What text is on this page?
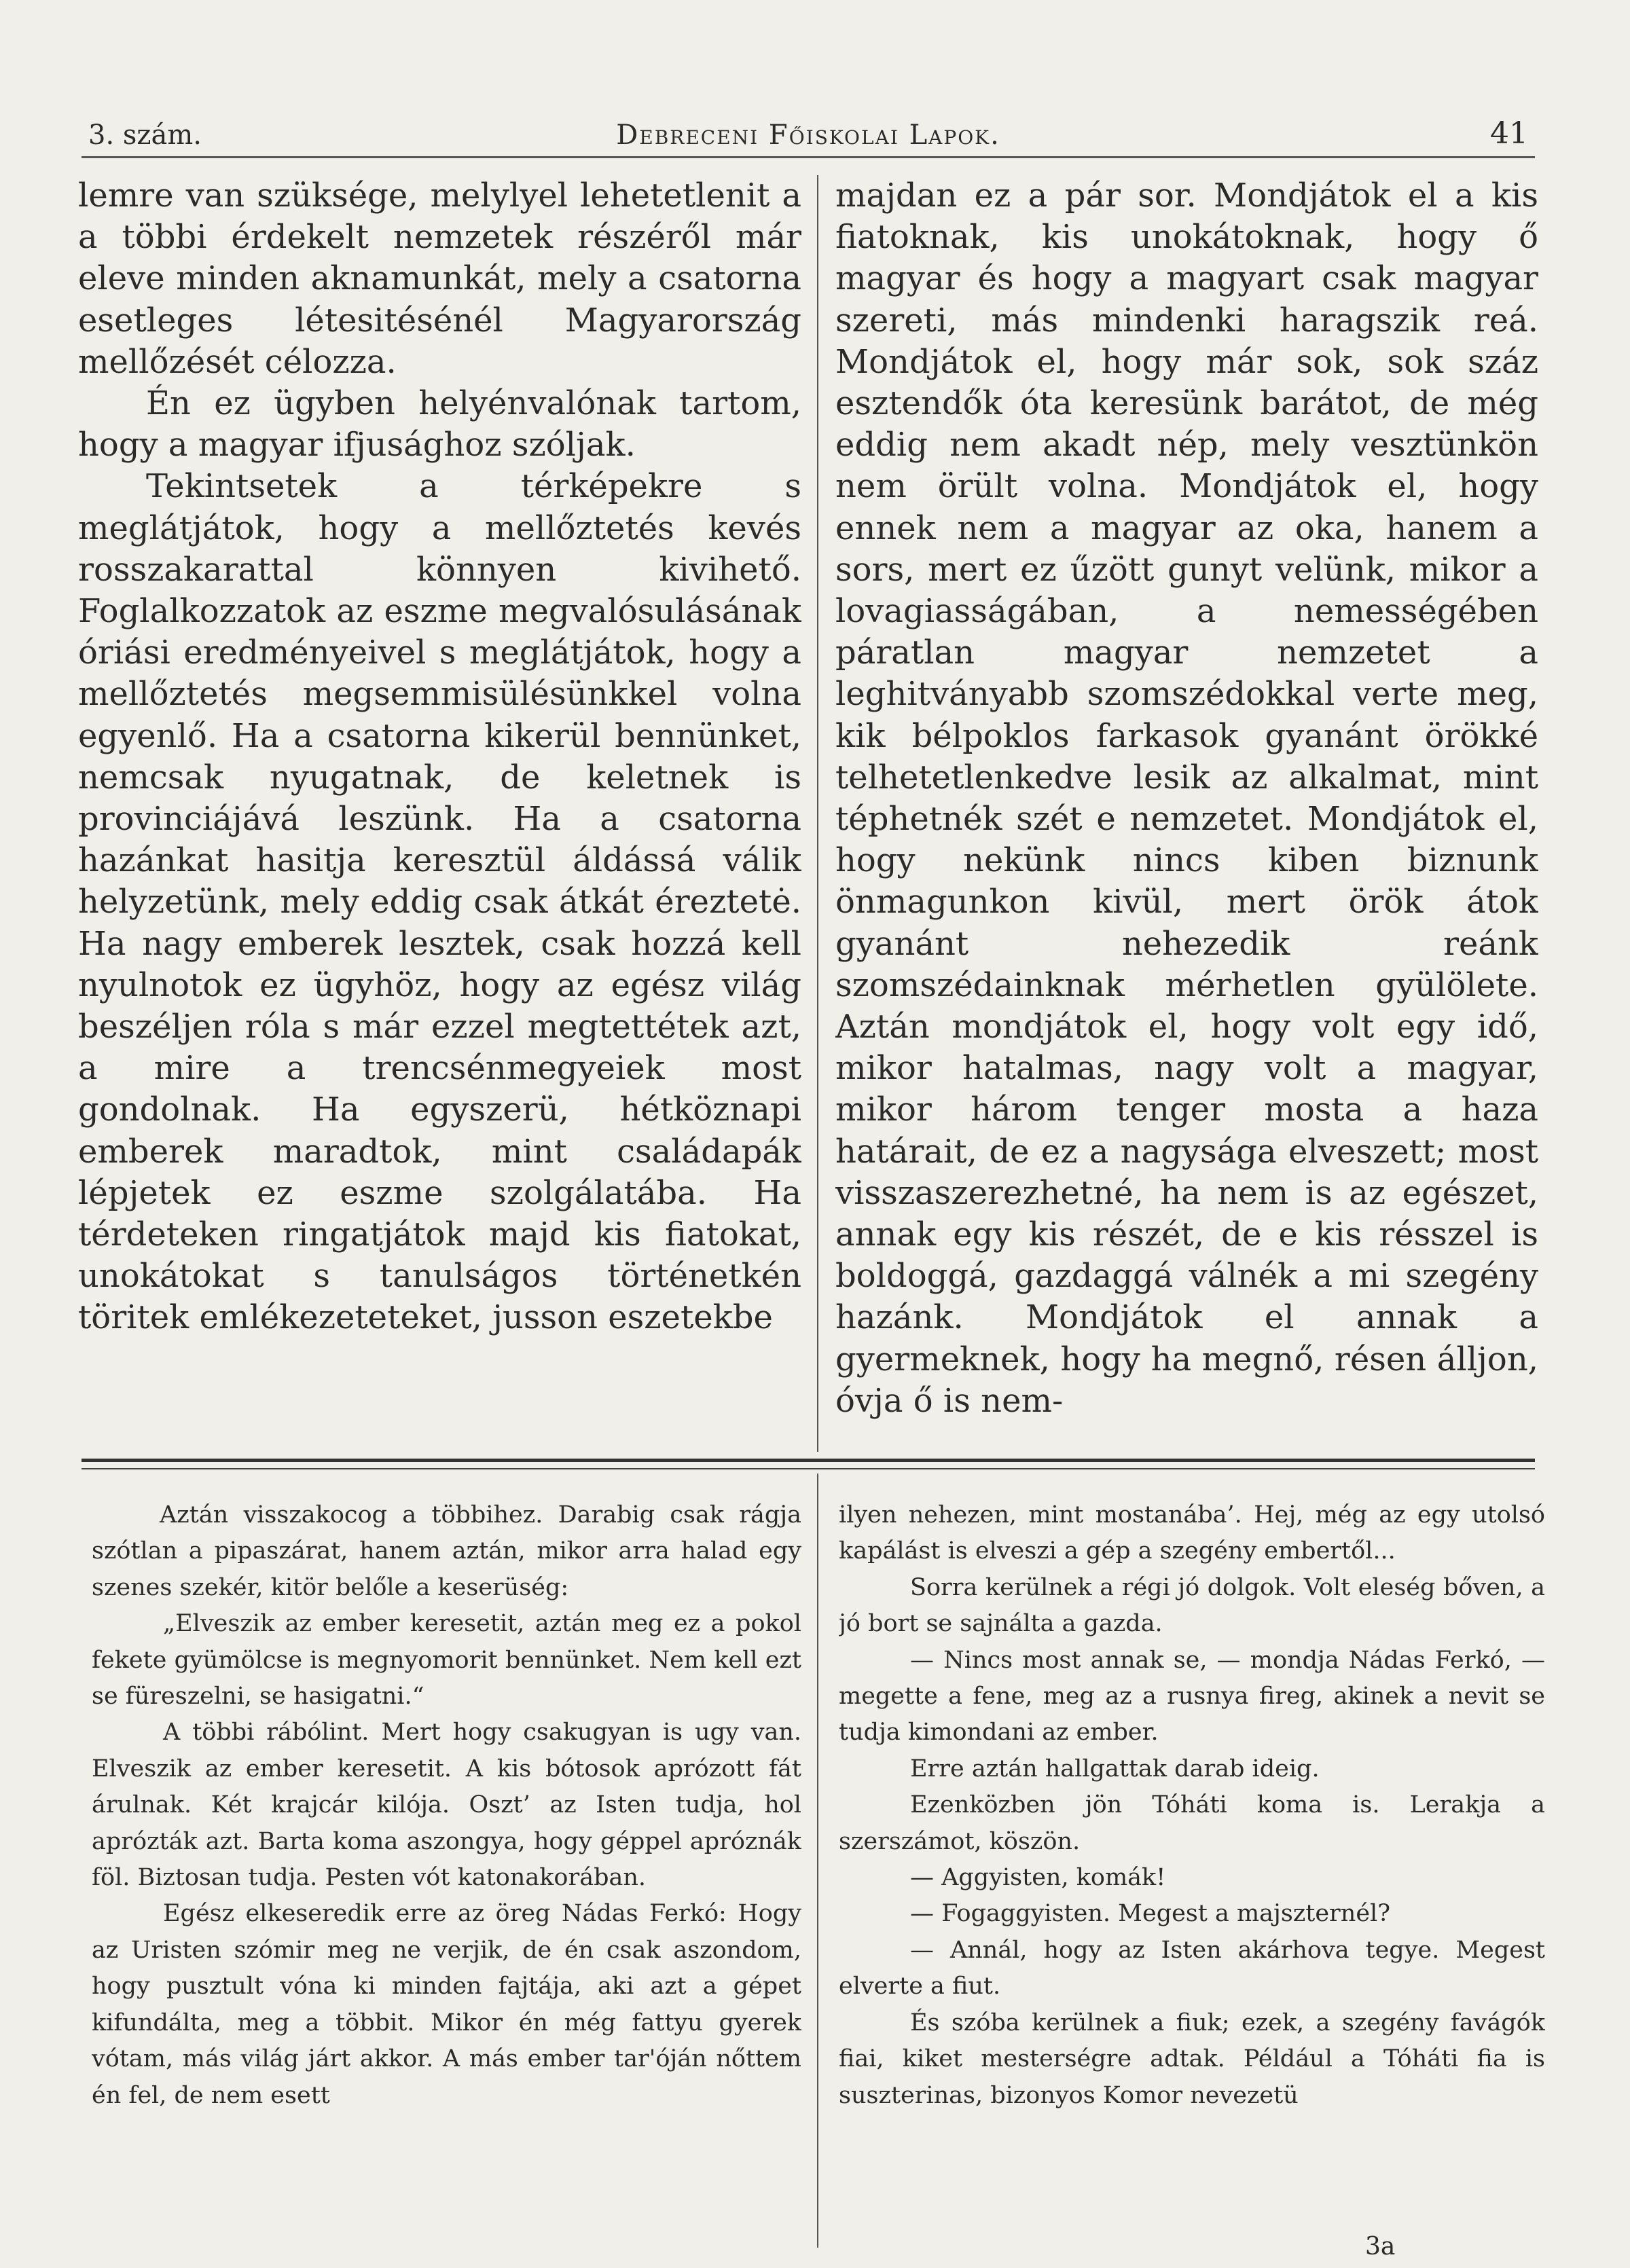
3. szám.	Debreceni Főiskolai Lapok.	41

lemre van szüksége, melylyel lehetetlenit a a többi érdekelt nemzetek részéről már eleve minden aknamunkát, mely a csatorna esetleges létesitésénél Magyarország mellőzését célozza.

Én ez ügyben helyénvalónak tartom, hogy a magyar ifjusághoz szóljak.

Tekintsetek a térképekre s meglátjátok, hogy a mellőztetés kevés rosszakarattal könnyen kivihető. Foglalkozzatok az eszme megvalósulásának óriási eredményeivel s meglátjátok, hogy a mellőztetés megsemmisülésünkkel volna egyenlő. Ha a csatorna kikerül bennünket, nemcsak nyugatnak, de keletnek is provinciájává leszünk. Ha a csatorna hazánkat hasitja keresztül áldássá válik helyzetünk, mely eddig csak átkát éreztetė. Ha nagy emberek lesztek, csak hozzá kell nyulnotok ez ügyhöz, hogy az egész világ beszéljen róla s már ezzel megtettétek azt, a mire a trencsénmegyeiek most gondolnak. Ha egyszerü, hétköznapi emberek maradtok, mint családapák lépjetek ez eszme szolgálatába. Ha térdeteken ringatjátok majd kis fiatokat, unokátokat s tanulságos történetkén töritek emlékezeteteket, jusson eszetekbe

majdan ez a pár sor. Mondjátok el a kis fiatoknak, kis unokátoknak, hogy ő magyar és hogy a magyart csak magyar szereti, más mindenki haragszik reá. Mondjátok el, hogy már sok, sok száz esztendők óta keresünk barátot, de még eddig nem akadt nép, mely vesztünkön nem örült volna. Mondjátok el, hogy ennek nem a magyar az oka, hanem a sors, mert ez űzött gunyt velünk, mikor a lovagiasságában, a nemességében páratlan magyar nemzetet a leghitványabb szomszédokkal verte meg, kik bélpoklos farkasok gyanánt örökké telhetetlenkedve lesik az alkalmat, mint téphetnék szét e nemzetet. Mondjátok el, hogy nekünk nincs kiben biznunk önmagunkon kivül, mert örök átok gyanánt nehezedik reánk szomszédainknak mérhetlen gyülölete. Aztán mondjátok el, hogy volt egy idő, mikor hatalmas, nagy volt a magyar, mikor három tenger mosta a haza határait, de ez a nagysága elveszett; most visszaszerezhetné, ha nem is az egészet, annak egy kis részét, de e kis résszel is boldoggá, gazdaggá válnék a mi szegény hazánk. Mondjátok el annak a gyermeknek, hogy ha megnő, résen álljon, óvja ő is nem-

Aztán visszakocog a többihez. Darabig csak rágja szótlan a pipaszárat, hanem aztán, mikor arra halad egy szenes szekér, kitör belőle a keserüség:

„Elveszik az ember keresetit, aztán meg ez a pokol fekete gyümölcse is megnyomorit bennünket. Nem kell ezt se füreszelni, se hasigatni.“

A többi rábólint. Mert hogy csakugyan is ugy van. Elveszik az ember keresetit. A kis bótosok aprózott fát árulnak. Két krajcár kilója. Oszt’ az Isten tudja, hol aprózták azt. Barta koma aszongya, hogy géppel apróznák föl. Biztosan tudja. Pesten vót katonakorában.

Egész elkeseredik erre az öreg Nádas Ferkó: Hogy az Uristen szómir meg ne verjik, de én csak aszondom, hogy pusztult vóna ki minden fajtája, aki azt a gépet kifundálta, meg a többit. Mikor én még fattyu gyerek vótam, más világ járt akkor. A más ember tar'óján nőttem én fel, de nem esett

ilyen nehezen, mint mostanába’. Hej, még az egy utolsó kapálást is elveszi a gép a szegény embertől...

Sorra kerülnek a régi jó dolgok. Volt eleség bőven, a jó bort se sajnálta a gazda.

— Nincs most annak se, — mondja Nádas Ferkó, — megette a fene, meg az a rusnya fireg, akinek a nevit se tudja kimondani az ember.

Erre aztán hallgattak darab ideig.

Ezenközben jön Tóháti koma is. Lerakja a szerszámot, köszön.

— Aggyisten, komák!

— Fogaggyisten. Megest a majszternél?

— Annál, hogy az Isten akárhova tegye. Megest elverte a fiut.

És szóba kerülnek a fiuk; ezek, a szegény favágók fiai, kiket mesterségre adtak. Például a Tóháti fia is suszterinas, bizonyos Komor nevezetü

3a
